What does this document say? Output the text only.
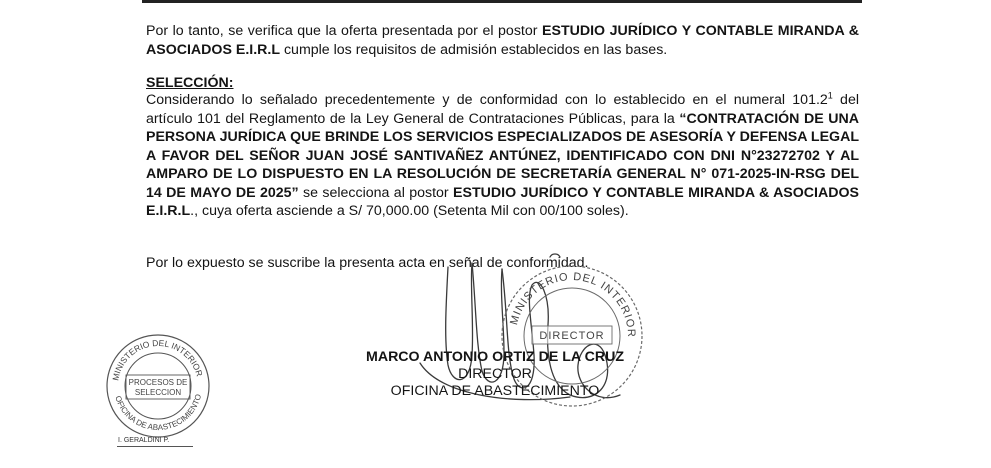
Por lo tanto, se verifica que la oferta presentada por el postor ESTUDIO JURÍDICO Y CONTABLE MIRANDA & ASOCIADOS E.I.R.L cumple los requisitos de admisión establecidos en las bases.
SELECCIÓN:
Considerando lo señalado precedentemente y de conformidad con lo establecido en el numeral 101.2$^1$ del artículo 101 del Reglamento de la Ley General de Contrataciones Públicas, para la “CONTRATACIÓN DE UNA PERSONA JURÍDICA QUE BRINDE LOS SERVICIOS ESPECIALIZADOS DE ASESORÍA Y DEFENSA LEGAL A FAVOR DEL SEÑOR JUAN JOSÉ SANTIVAÑEZ ANTÚNEZ, IDENTIFICADO CON DNI N°23272702 Y AL AMPARO DE LO DISPUESTO EN LA RESOLUCIÓN DE SECRETARÍA GENERAL N° 071-2025-IN-RSG DEL 14 DE MAYO DE 2025” se selecciona al postor ESTUDIO JURÍDICO Y CONTABLE MIRANDA & ASOCIADOS E.I.R.L., cuya oferta asciende a S/ 70,000.00 (Setenta Mil con 00/100 soles).
Por lo expuesto se suscribe la presenta acta en señal de conformidad.
MINISTERIO DEL INTERIOR
DIRECTOR
MARCO ANTONIO ORTIZ DE LA CRUZ
DIRECTOR
OFICINA DE ABASTECIMIENTO
MINISTERIO DEL INTERIOR
OFICINA DE ABASTECIMIENTO
PROCESOS DE
SELECCION
I. GERALDINI P.
